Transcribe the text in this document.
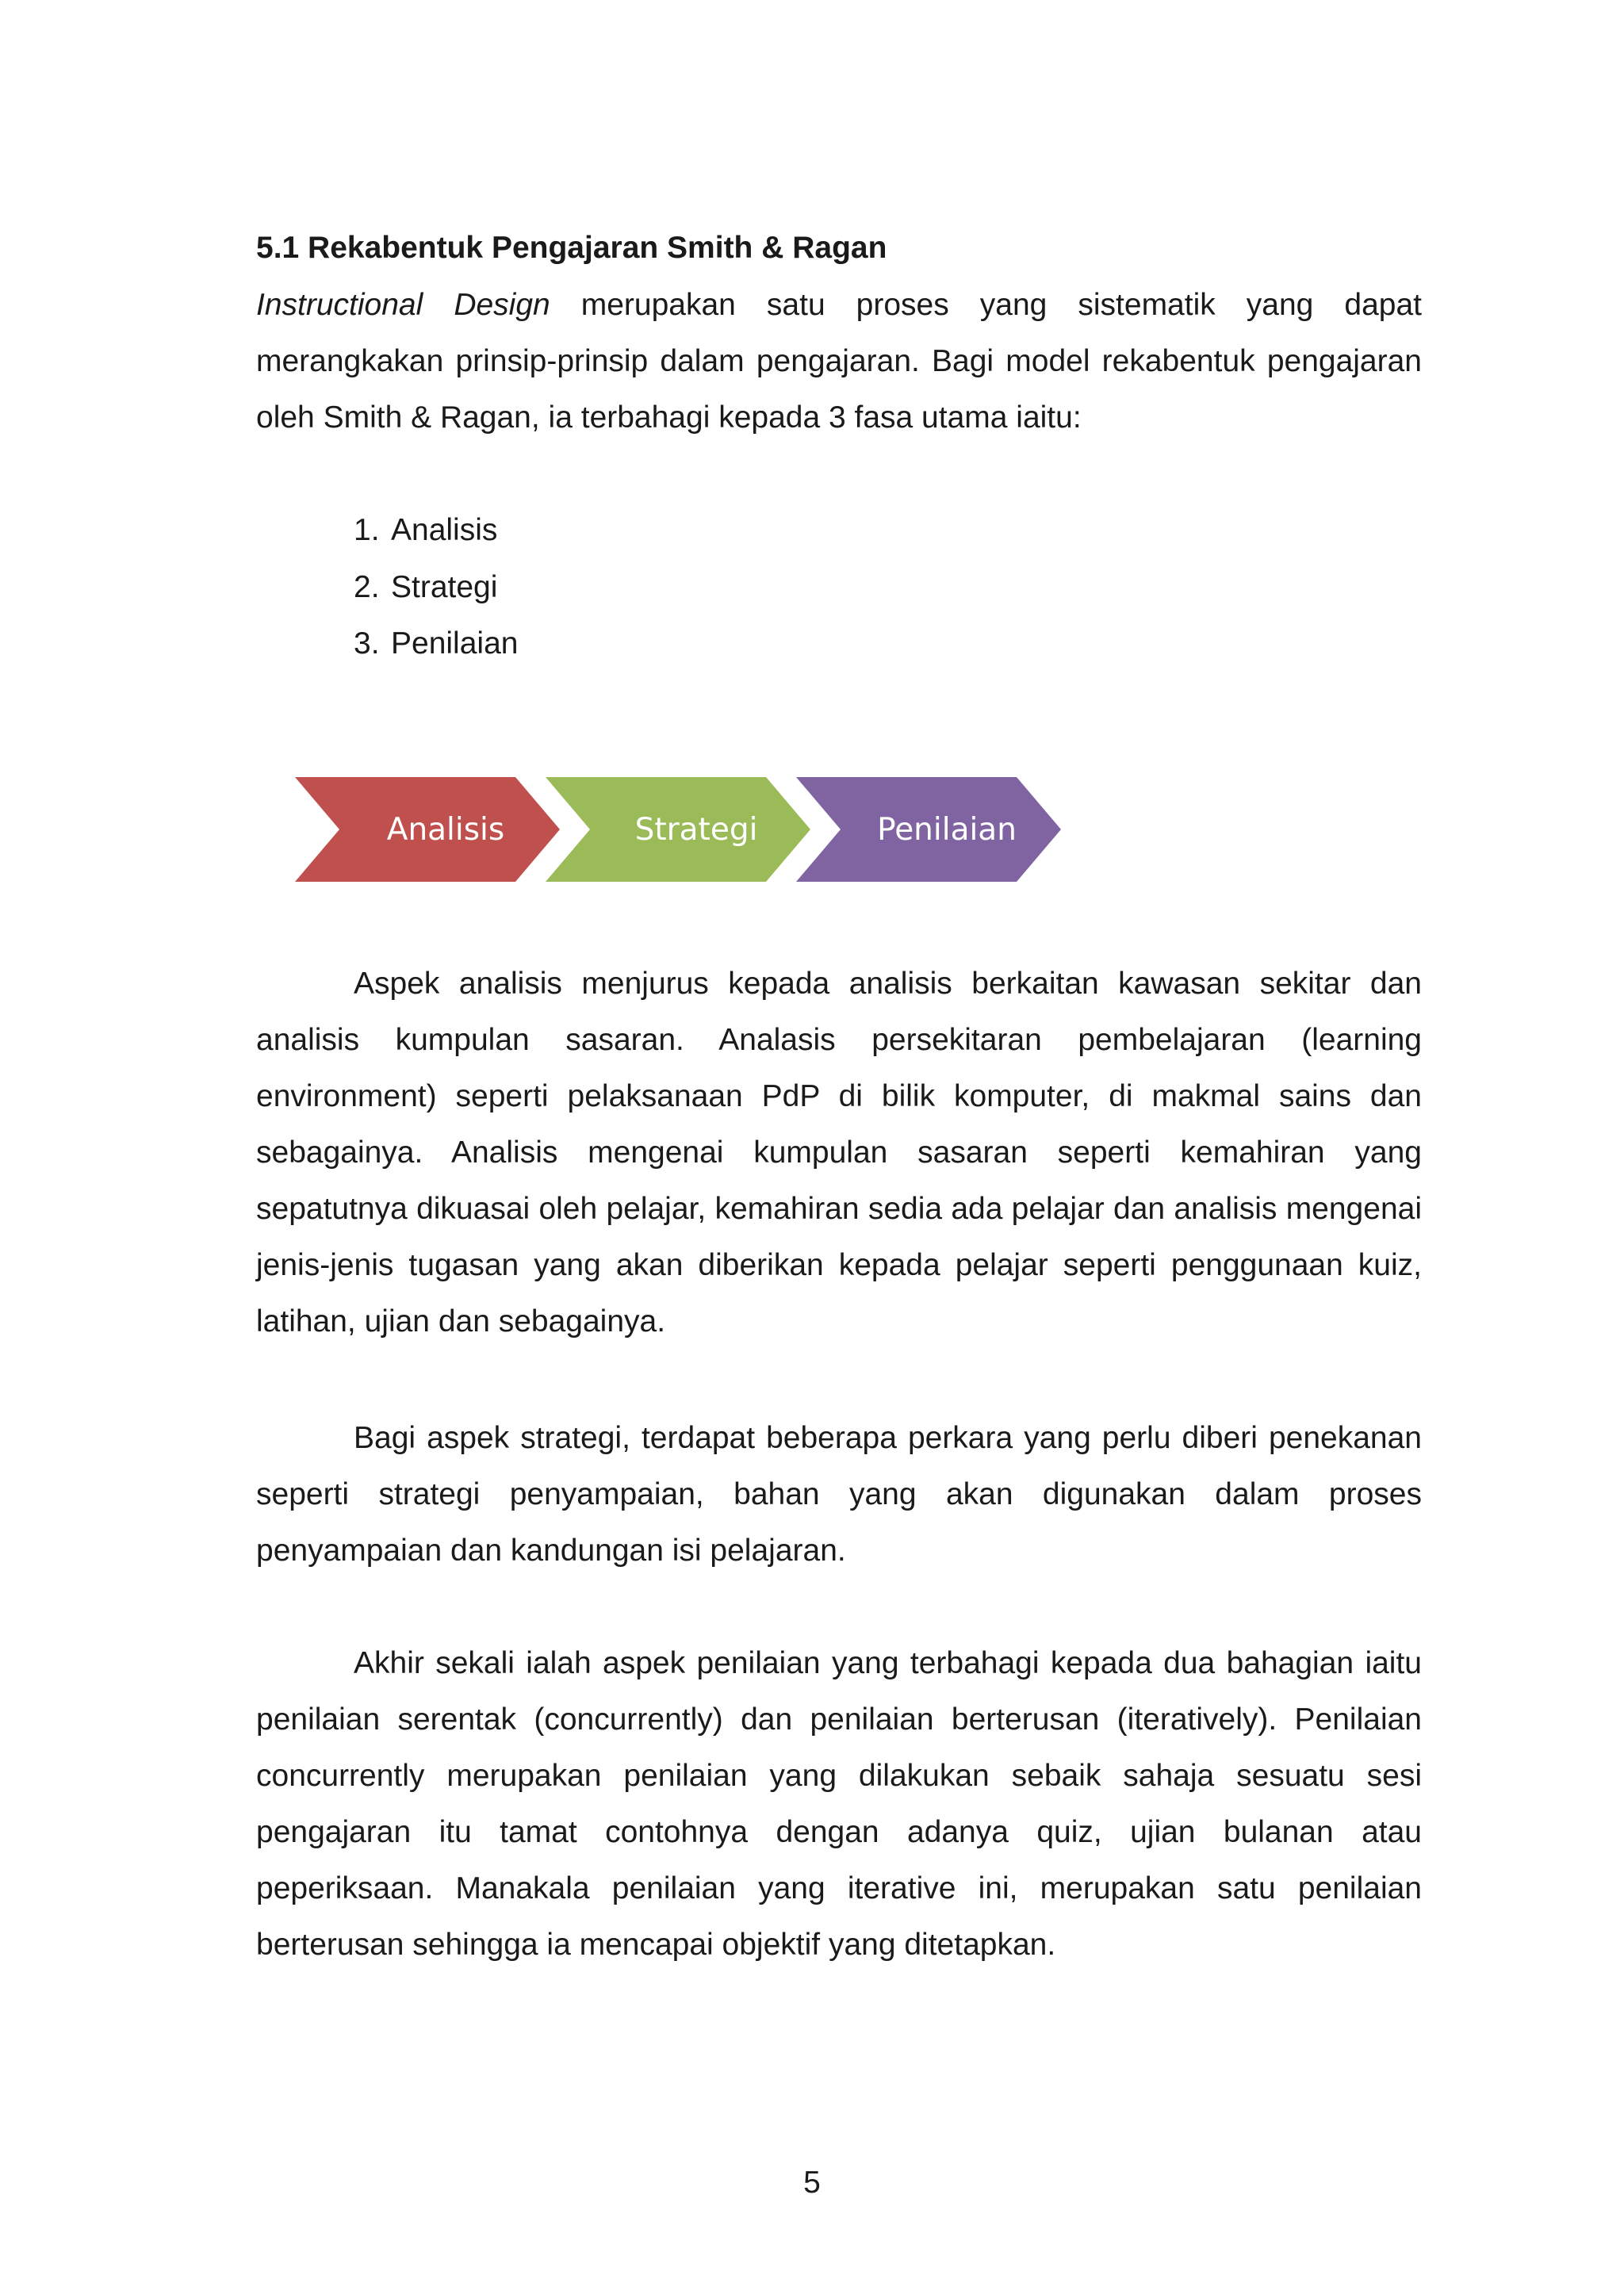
5.1 Rekabentuk Pengajaran Smith & Ragan
Instructional Design merupakan satu proses yang sistematik yang dapat merangkakan prinsip-prinsip dalam pengajaran. Bagi model rekabentuk pengajaran oleh Smith & Ragan, ia terbahagi kepada 3 fasa utama iaitu:
1. Analisis
2. Strategi
3. Penilaian
Analisis	Strategi	Penilaian

Aspek analisis menjurus kepada analisis berkaitan kawasan sekitar dan analisis kumpulan sasaran. Analasis persekitaran pembelajaran (learning environment) seperti pelaksanaan PdP di bilik komputer, di makmal sains dan sebagainya. Analisis mengenai kumpulan sasaran seperti kemahiran yang sepatutnya dikuasai oleh pelajar, kemahiran sedia ada pelajar dan analisis mengenai jenis-jenis tugasan yang akan diberikan kepada pelajar seperti penggunaan kuiz, latihan, ujian dan sebagainya.

Bagi aspek strategi, terdapat beberapa perkara yang perlu diberi penekanan seperti strategi penyampaian, bahan yang akan digunakan dalam proses penyampaian dan kandungan isi pelajaran.

Akhir sekali ialah aspek penilaian yang terbahagi kepada dua bahagian iaitu penilaian serentak (concurrently) dan penilaian berterusan (iteratively). Penilaian concurrently merupakan penilaian yang dilakukan sebaik sahaja sesuatu sesi pengajaran itu tamat contohnya dengan adanya quiz, ujian bulanan atau peperiksaan. Manakala penilaian yang iterative ini, merupakan satu penilaian berterusan sehingga ia mencapai objektif yang ditetapkan.

5
